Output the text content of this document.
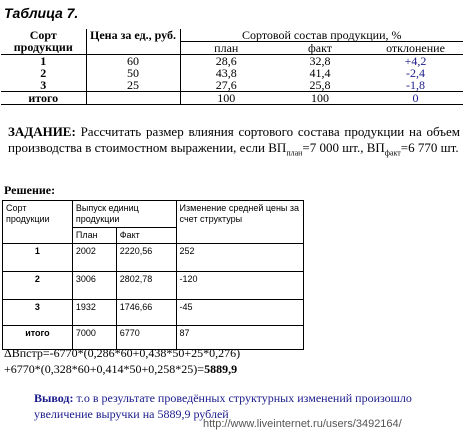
Таблица 7.
Сорт продукции	Цена за ед., руб.	Сортовой состав продукции, %		
		план	факт	отклонение
1	60	28,6	32,8	+4,2
2	50	43,8	41,4	-2,4
3	25	27,6	25,8	-1,8
итого		100	100	0
ЗАДАНИЕ: Рассчитать размер влияния сортового состава продукции на объем производства в стоимостном выражении, если $ВП_{план}=7$ 000 шт., $ВП_{факт}=6$ 770 шт.
Решение:
Сорт продукции	Выпуск единиц продукции		Изменение средней цены за счет структуры
	План	Факт	
1	2002	2220,56	252
2	3006	2802,78	-120
3	1932	1746,66	-45
итого	7000	6770	87
ΔВпстр=-6770*(0,286*60+0,438*50+25*0,276)
+6770*(0,328*60+0,414*50+0,258*25)=5889,9
Вывод: т.о в результате проведённых структурных изменений произошло увеличение выручки на 5889,9 рублей
http://www.liveinternet.ru/users/3492164/
